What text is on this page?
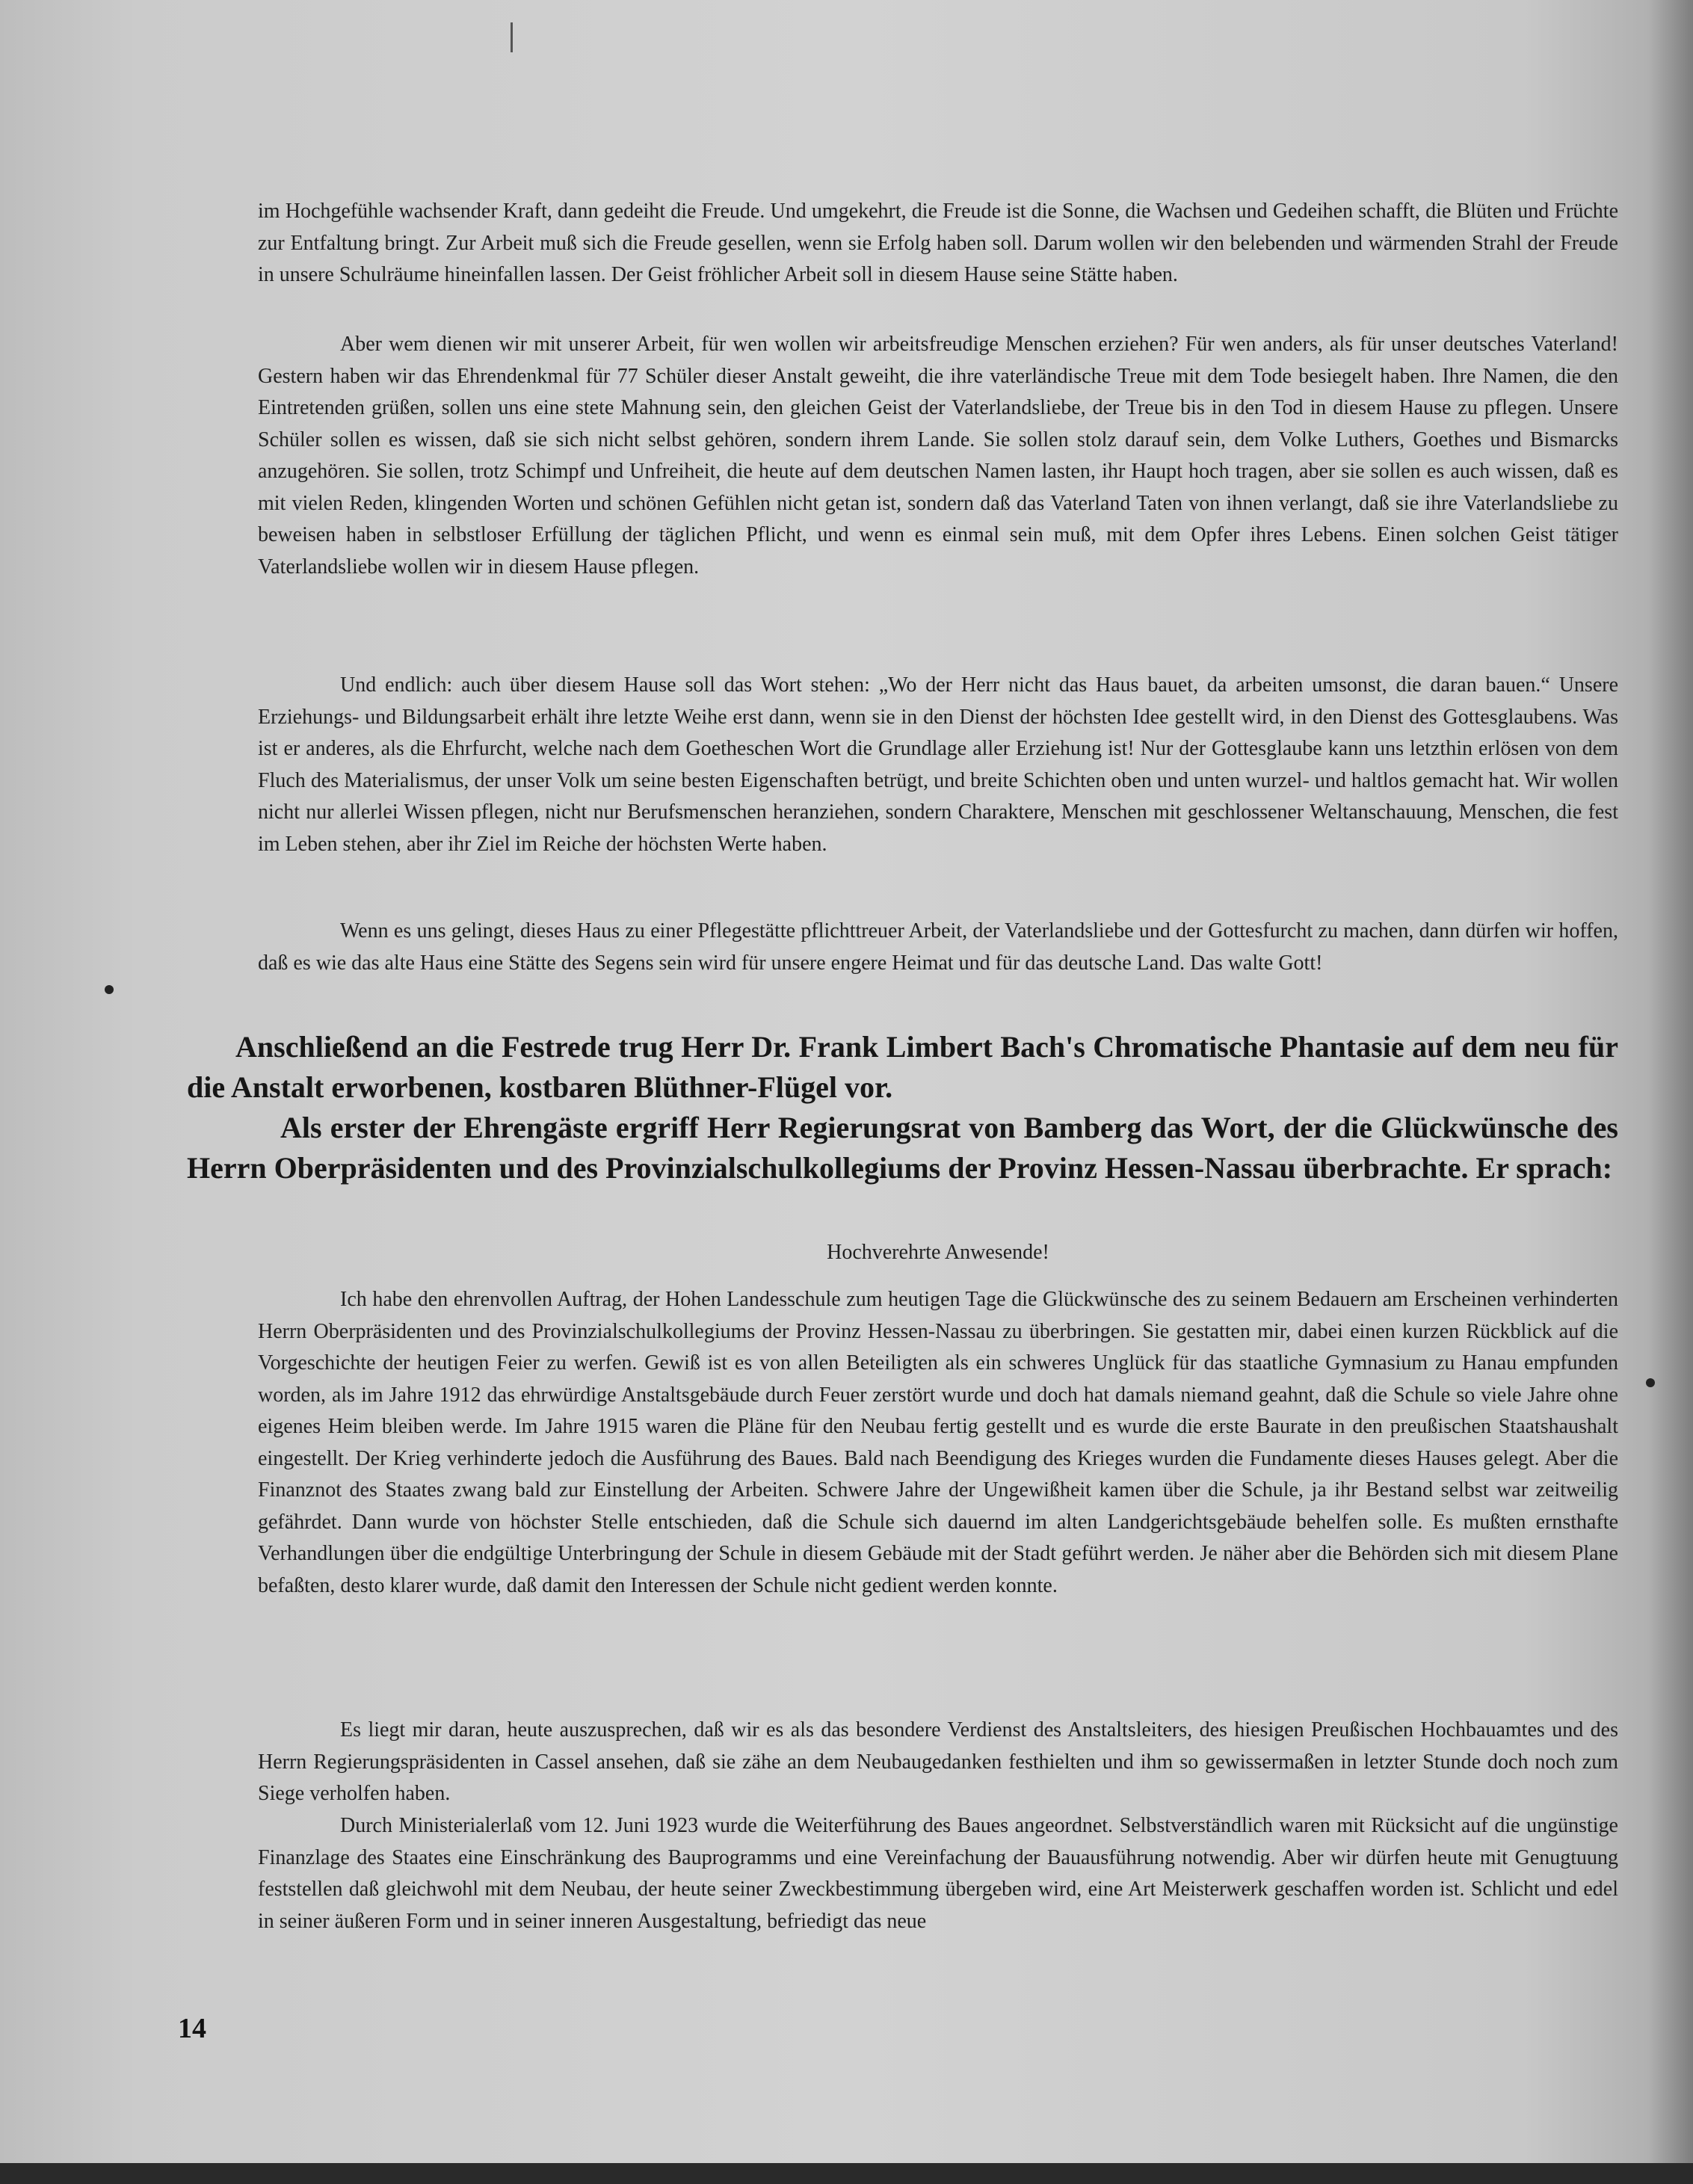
im Hochgefühle wachsender Kraft, dann gedeiht die Freude. Und umgekehrt, die Freude ist die Sonne, die Wachsen und Gedeihen schafft, die Blüten und Früchte zur Entfaltung bringt. Zur Arbeit muß sich die Freude gesellen, wenn sie Erfolg haben soll. Darum wollen wir den belebenden und wärmenden Strahl der Freude in unsere Schulräume hineinfallen lassen. Der Geist fröhlicher Arbeit soll in diesem Hause seine Stätte haben.

Aber wem dienen wir mit unserer Arbeit, für wen wollen wir arbeitsfreudige Menschen erziehen? Für wen anders, als für unser deutsches Vaterland! Gestern haben wir das Ehrendenkmal für 77 Schüler dieser Anstalt geweiht, die ihre vaterländische Treue mit dem Tode besiegelt haben. Ihre Namen, die den Eintretenden grüßen, sollen uns eine stete Mahnung sein, den gleichen Geist der Vaterlandsliebe, der Treue bis in den Tod in diesem Hause zu pflegen. Unsere Schüler sollen es wissen, daß sie sich nicht selbst gehören, sondern ihrem Lande. Sie sollen stolz darauf sein, dem Volke Luthers, Goethes und Bismarcks anzugehören. Sie sollen, trotz Schimpf und Unfreiheit, die heute auf dem deutschen Namen lasten, ihr Haupt hoch tragen, aber sie sollen es auch wissen, daß es mit vielen Reden, klingenden Worten und schönen Gefühlen nicht getan ist, sondern daß das Vaterland Taten von ihnen verlangt, daß sie ihre Vaterlandsliebe zu beweisen haben in selbstloser Erfüllung der täglichen Pflicht, und wenn es einmal sein muß, mit dem Opfer ihres Lebens. Einen solchen Geist tätiger Vaterlandsliebe wollen wir in diesem Hause pflegen.

Und endlich: auch über diesem Hause soll das Wort stehen: „Wo der Herr nicht das Haus bauet, da arbeiten umsonst, die daran bauen.“ Unsere Erziehungs- und Bildungsarbeit erhält ihre letzte Weihe erst dann, wenn sie in den Dienst der höchsten Idee gestellt wird, in den Dienst des Gottesglaubens. Was ist er anderes, als die Ehrfurcht, welche nach dem Goetheschen Wort die Grundlage aller Erziehung ist! Nur der Gottesglaube kann uns letzthin erlösen von dem Fluch des Materialismus, der unser Volk um seine besten Eigenschaften betrügt, und breite Schichten oben und unten wurzel- und haltlos gemacht hat. Wir wollen nicht nur allerlei Wissen pflegen, nicht nur Berufsmenschen heranziehen, sondern Charaktere, Menschen mit geschlossener Weltanschauung, Menschen, die fest im Leben stehen, aber ihr Ziel im Reiche der höchsten Werte haben.

Wenn es uns gelingt, dieses Haus zu einer Pflegestätte pflichttreuer Arbeit, der Vaterlandsliebe und der Gottesfurcht zu machen, dann dürfen wir hoffen, daß es wie das alte Haus eine Stätte des Segens sein wird für unsere engere Heimat und für das deutsche Land. Das walte Gott!

Anschließend an die Festrede trug Herr Dr. Frank Limbert Bach's Chromatische Phantasie auf dem neu für die Anstalt erworbenen, kostbaren Blüthner-Flügel vor.

Als erster der Ehrengäste ergriff Herr Regierungsrat von Bamberg das Wort, der die Glückwünsche des Herrn Oberpräsidenten und des Provinzialschulkollegiums der Provinz Hessen-Nassau überbrachte. Er sprach:

Hochverehrte Anwesende!

Ich habe den ehrenvollen Auftrag, der Hohen Landesschule zum heutigen Tage die Glückwünsche des zu seinem Bedauern am Erscheinen verhinderten Herrn Oberpräsidenten und des Provinzialschulkollegiums der Provinz Hessen-Nassau zu überbringen. Sie gestatten mir, dabei einen kurzen Rückblick auf die Vorgeschichte der heutigen Feier zu werfen. Gewiß ist es von allen Beteiligten als ein schweres Unglück für das staatliche Gymnasium zu Hanau empfunden worden, als im Jahre 1912 das ehrwürdige Anstaltsgebäude durch Feuer zerstört wurde und doch hat damals niemand geahnt, daß die Schule so viele Jahre ohne eigenes Heim bleiben werde. Im Jahre 1915 waren die Pläne für den Neubau fertig gestellt und es wurde die erste Baurate in den preußischen Staatshaushalt eingestellt. Der Krieg verhinderte jedoch die Ausführung des Baues. Bald nach Beendigung des Krieges wurden die Fundamente dieses Hauses gelegt. Aber die Finanznot des Staates zwang bald zur Einstellung der Arbeiten. Schwere Jahre der Ungewißheit kamen über die Schule, ja ihr Bestand selbst war zeitweilig gefährdet. Dann wurde von höchster Stelle entschieden, daß die Schule sich dauernd im alten Landgerichtsgebäude behelfen solle. Es mußten ernsthafte Verhandlungen über die endgültige Unterbringung der Schule in diesem Gebäude mit der Stadt geführt werden. Je näher aber die Behörden sich mit diesem Plane befaßten, desto klarer wurde, daß damit den Interessen der Schule nicht gedient werden konnte.

Es liegt mir daran, heute auszusprechen, daß wir es als das besondere Verdienst des Anstaltsleiters, des hiesigen Preußischen Hochbauamtes und des Herrn Regierungspräsidenten in Cassel ansehen, daß sie zähe an dem Neubaugedanken festhielten und ihm so gewissermaßen in letzter Stunde doch noch zum Siege verholfen haben.

Durch Ministerialerlaß vom 12. Juni 1923 wurde die Weiterführung des Baues angeordnet. Selbstverständlich waren mit Rücksicht auf die ungünstige Finanzlage des Staates eine Einschränkung des Bauprogramms und eine Vereinfachung der Bauausführung notwendig. Aber wir dürfen heute mit Genugtuung feststellen daß gleichwohl mit dem Neubau, der heute seiner Zweckbestimmung übergeben wird, eine Art Meisterwerk geschaffen worden ist. Schlicht und edel in seiner äußeren Form und in seiner inneren Ausgestaltung, befriedigt das neue

14
